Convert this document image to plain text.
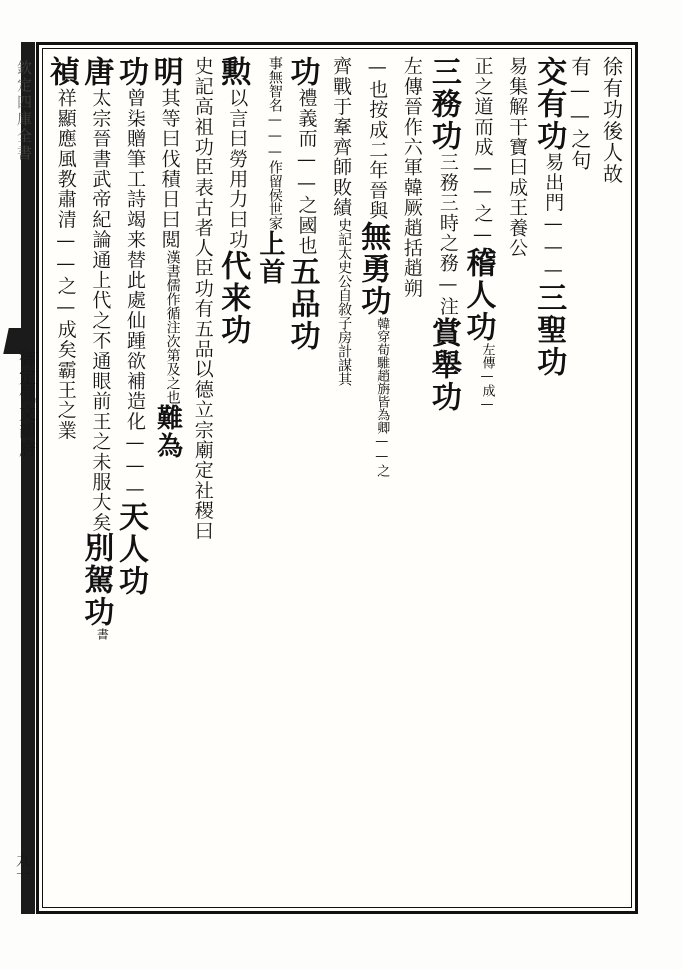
欽定四庫全書
御定佩文韻府
九一
徐有功後人故
有——之句
交有功
易出門———
三聖功
易集解干寶曰成王養公
正之道而成——之—
稽人功
左傳—成—
三務功
三務三時之務—注
賞舉功
左傳晉作六軍韓厥趙括趙朔
—也按成二年晉與
無勇功
韓穿荀騅趙旃皆為卿——之
齊戰于鞌齊師敗績
史記太史公自敘子房計謀其
功
禮義而——之國也
五品功
事無智名———作留侯世家
上首
勲
以言曰勞用力曰功
代来功
史記高祖功臣表古者人臣功有五品以德立宗廟定社稷曰
明
其等曰伐積日曰閲
漢書儒作循注次第及之也
難為
功
曾柒贈筆工詩竭来替此處仙踵欲補造化———
天人功
唐
太宗晉書武帝紀論通上代之不通眼前王之未服大矣
別駕功
書
禎
祥顯應風教肅清——之—成矣霸王之業
